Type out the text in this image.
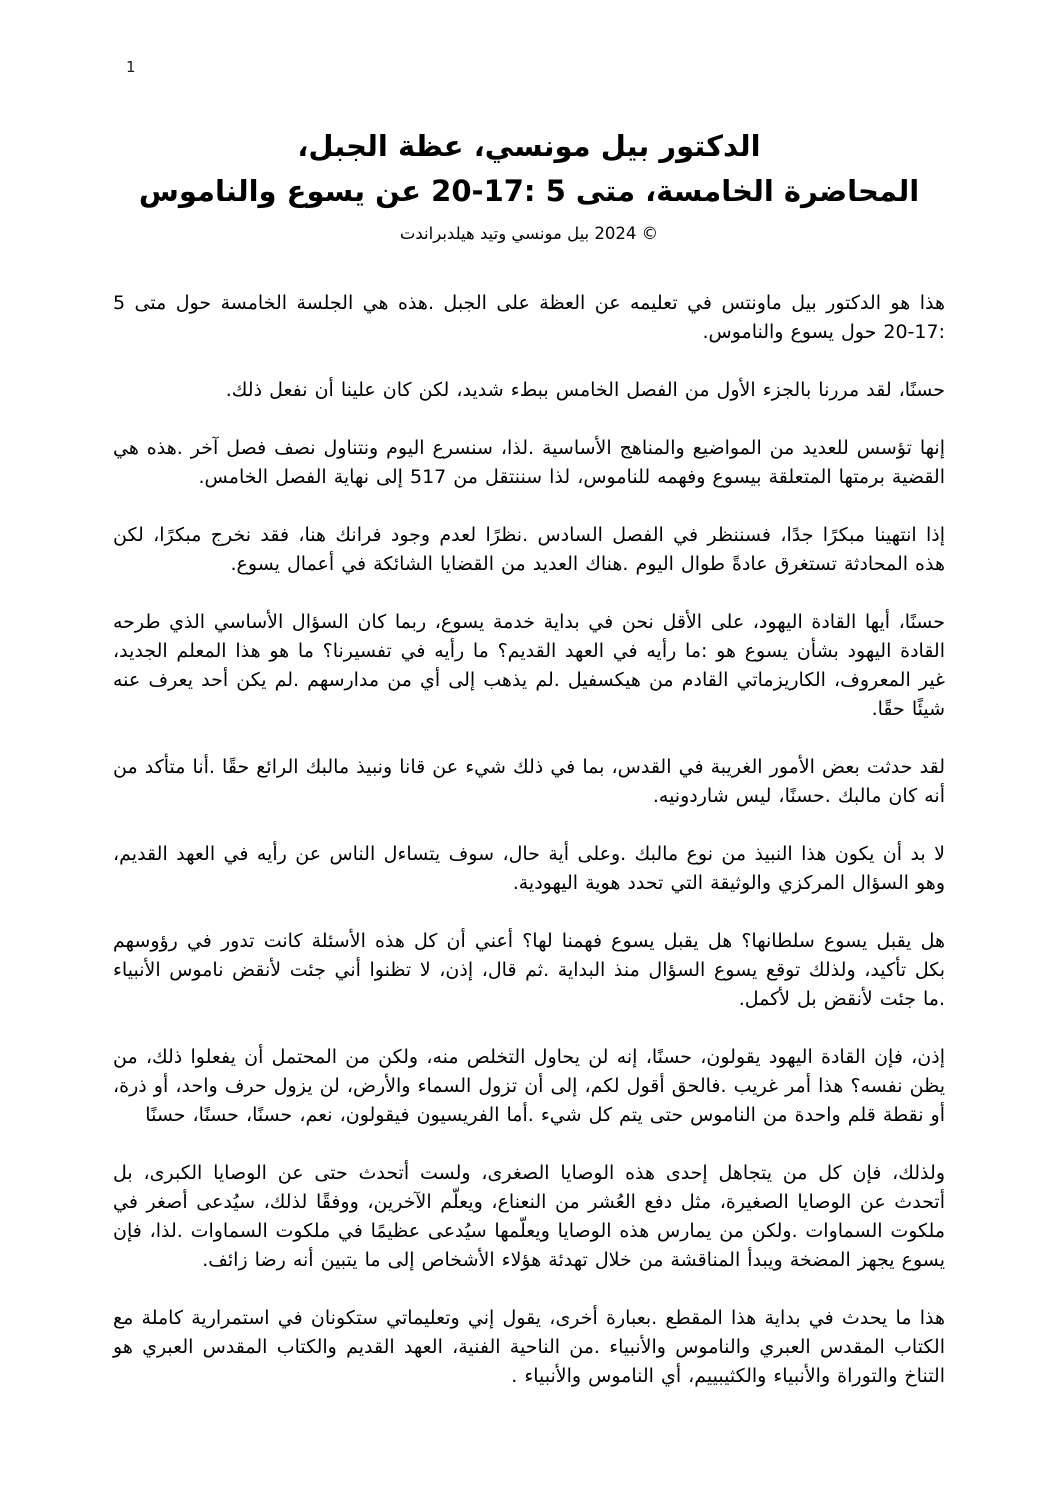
1
الدكتور بيل مونسي، عظة الجبل،
المحاضرة الخامسة، متى 5 :17-20 عن يسوع والناموس
© 2024 بيل مونسي وتيد هيلدبراندت

هذا هو الدكتور بيل ماونتس في تعليمه عن العظة على الجبل .هذه هي الجلسة الخامسة حول متى 5 :17-20 حول يسوع والناموس.

حسنًا، لقد مررنا بالجزء الأول من الفصل الخامس ببطء شديد، لكن كان علينا أن نفعل ذلك.

إنها تؤسس للعديد من المواضيع والمناهج الأساسية .لذا، سنسرع اليوم ونتناول نصف فصل آخر .هذه هي القضية برمتها المتعلقة بيسوع وفهمه للناموس، لذا سننتقل من 517 إلى نهاية الفصل الخامس.

إذا انتهينا مبكرًا جدًا، فسننظر في الفصل السادس .نظرًا لعدم وجود فرانك هنا، فقد نخرج مبكرًا، لكن هذه المحادثة تستغرق عادةً طوال اليوم .هناك العديد من القضايا الشائكة في أعمال يسوع.

حسنًا، أيها القادة اليهود، على الأقل نحن في بداية خدمة يسوع، ربما كان السؤال الأساسي الذي طرحه القادة اليهود بشأن يسوع هو :ما رأيه في العهد القديم؟ ما رأيه في تفسيرنا؟ ما هو هذا المعلم الجديد، غير المعروف، الكاريزماتي القادم من هيكسفيل .لم يذهب إلى أي من مدارسهم .لم يكن أحد يعرف عنه شيئًا حقًا.

لقد حدثت بعض الأمور الغريبة في القدس، بما في ذلك شيء عن قانا ونبيذ مالبك الرائع حقًا .أنا متأكد من أنه كان مالبك .حسنًا، ليس شاردونيه.

لا بد أن يكون هذا النبيذ من نوع مالبك .وعلى أية حال، سوف يتساءل الناس عن رأيه في العهد القديم، وهو السؤال المركزي والوثيقة التي تحدد هوية اليهودية.

هل يقبل يسوع سلطانها؟ هل يقبل يسوع فهمنا لها؟ أعني أن كل هذه الأسئلة كانت تدور في رؤوسهم بكل تأكيد، ولذلك توقع يسوع السؤال منذ البداية .ثم قال، إذن، لا تظنوا أني جئت لأنقض ناموس الأنبياء .ما جئت لأنقض بل لأكمل.

إذن، فإن القادة اليهود يقولون، حسنًا، إنه لن يحاول التخلص منه، ولكن من المحتمل أن يفعلوا ذلك، من يظن نفسه؟ هذا أمر غريب .فالحق أقول لكم، إلى أن تزول السماء والأرض، لن يزول حرف واحد، أو ذرة، أو نقطة قلم واحدة من الناموس حتى يتم كل شيء .أما الفريسيون فيقولون، نعم، حسنًا، حسنًا، حسنًا

ولذلك، فإن كل من يتجاهل إحدى هذه الوصايا الصغرى، ولست أتحدث حتى عن الوصايا الكبرى، بل أتحدث عن الوصايا الصغيرة، مثل دفع العُشر من النعناع، ويعلّم الآخرين، ووفقًا لذلك، سيُدعى أصغر في ملكوت السماوات .ولكن من يمارس هذه الوصايا ويعلّمها سيُدعى عظيمًا في ملكوت السماوات .لذا، فإن يسوع يجهز المضخة ويبدأ المناقشة من خلال تهدئة هؤلاء الأشخاص إلى ما يتبين أنه رضا زائف.

هذا ما يحدث في بداية هذا المقطع .بعبارة أخرى، يقول إني وتعليماتي ستكونان في استمرارية كاملة مع الكتاب المقدس العبري والناموس والأنبياء .من الناحية الفنية، العهد القديم والكتاب المقدس العبري هو التناخ والتوراة والأنبياء والكثيبييم، أي الناموس والأنبياء .
